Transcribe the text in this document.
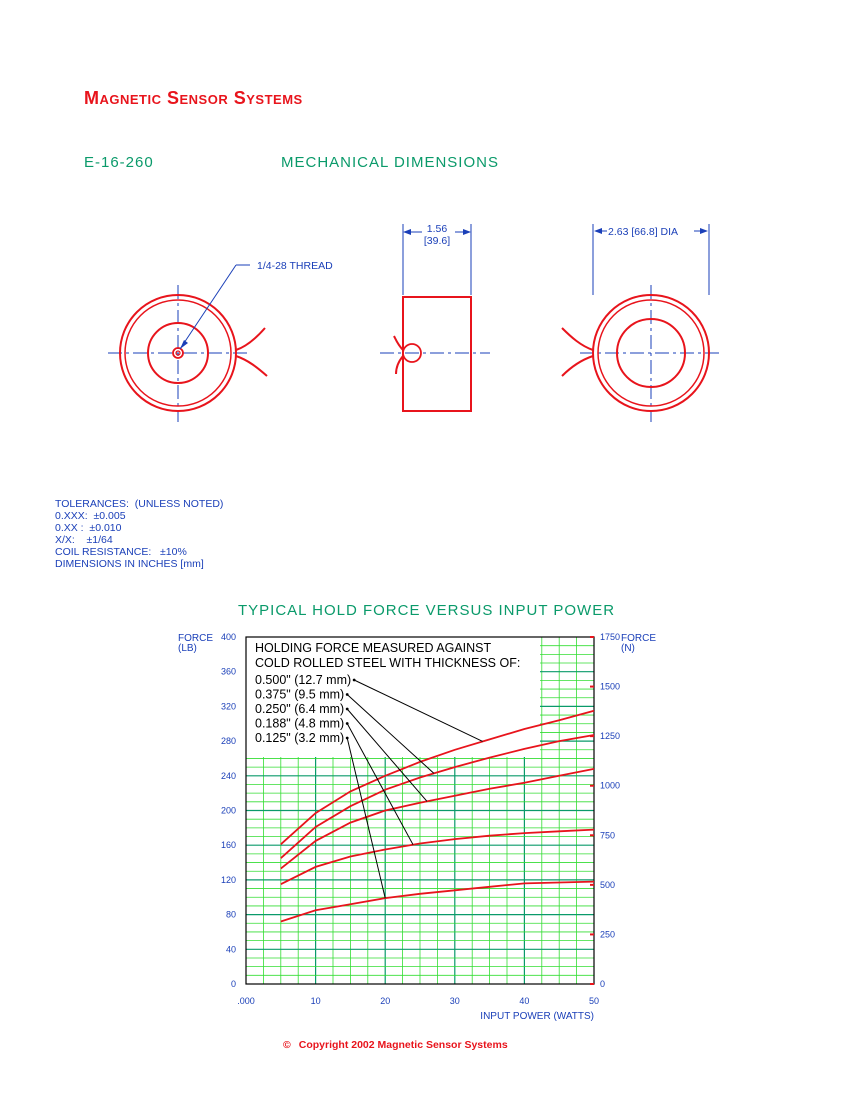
Magnetic Sensor Systems
E-16-260	MECHANICAL DIMENSIONS
1/4-28 THREAD
1.56
[39.6]
2.63 [66.8] DIA
TOLERANCES:  (UNLESS NOTED)
0.XXX:  ±0.005
0.XX :  ±0.010
X/X:    ±1/64
COIL RESISTANCE:   ±10%
DIMENSIONS IN INCHES [mm]
TYPICAL HOLD FORCE VERSUS INPUT POWER
.000	10	20	30	40	50
0
40
80
120
160
200
240
280
320
360
400
0
250
500
750
1000
1250
1500
1750
FORCE
(LB)
FORCE
(N)
INPUT POWER (WATTS)
HOLDING FORCE MEASURED AGAINST
COLD ROLLED STEEL WITH THICKNESS OF:
0.500" (12.7 mm)
0.375" (9.5 mm)
0.250" (6.4 mm)
0.188" (4.8 mm)
0.125" (3.2 mm)
© Copyright 2002 Magnetic Sensor Systems
